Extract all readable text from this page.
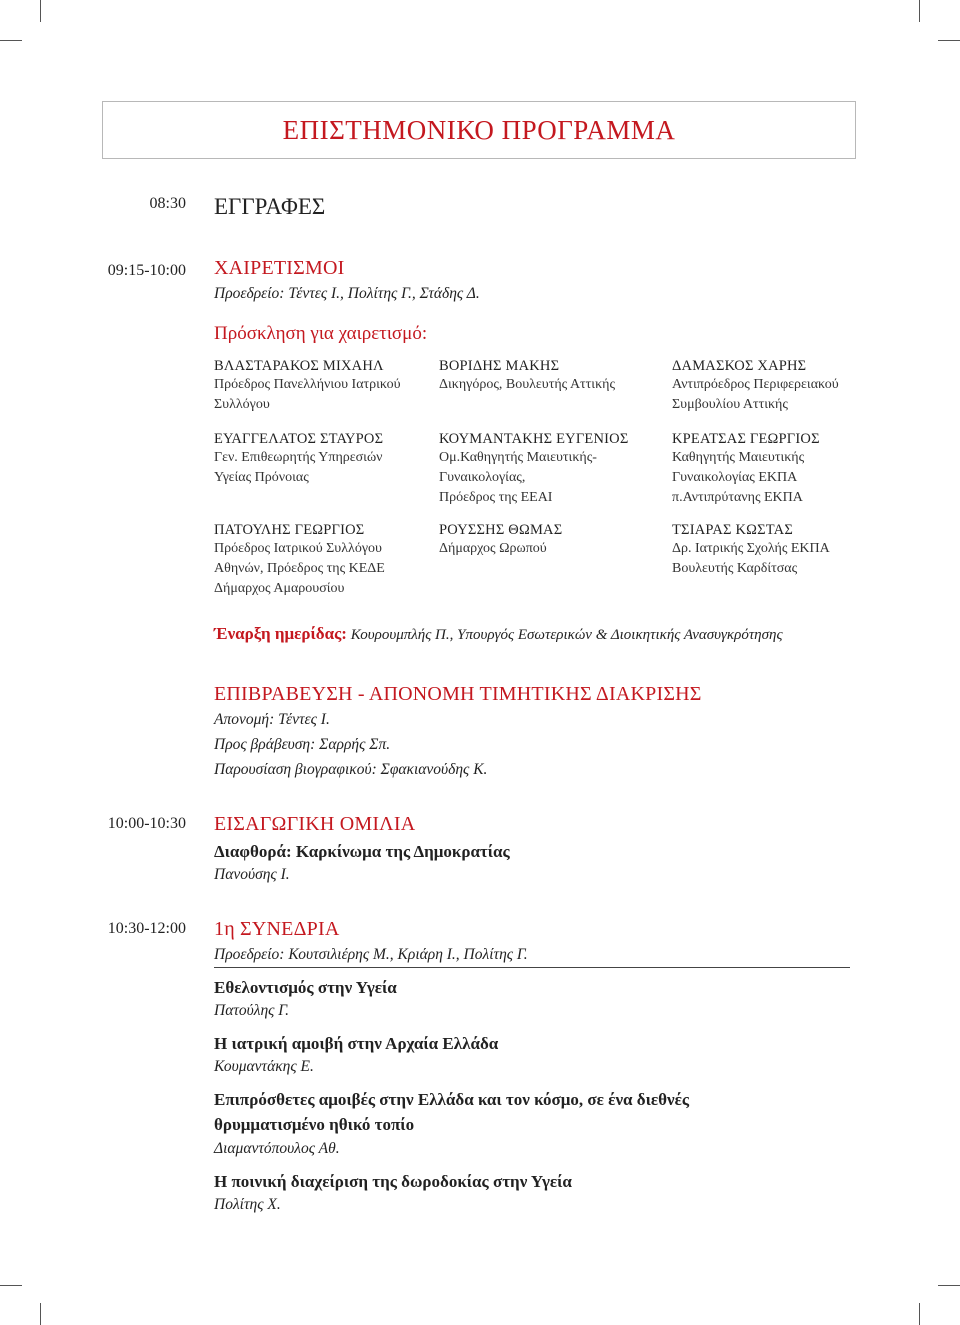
ΕΠΙΣΤΗΜΟΝΙΚΟ ΠΡΟΓΡΑΜΜΑ
08:30 ΕΓΓΡΑΦΕΣ
09:15-10:00 ΧΑΙΡΕΤΙΣΜΟΙ
Προεδρείο: Τέντες Ι., Πολίτης Γ., Στάδης Δ.
Πρόσκληση για χαιρετισμό:
ΒΛΑΣΤΑΡΑΚΟΣ ΜΙΧΑΗΛ
Πρόεδρος Πανελλήνιου Ιατρικού
Συλλόγου
ΒΟΡΙΔΗΣ ΜΑΚΗΣ
Δικηγόρος, Βουλευτής Αττικής
ΔΑΜΑΣΚΟΣ ΧΑΡΗΣ
Αντιπρόεδρος Περιφερειακού
Συμβουλίου Αττικής
ΕΥΑΓΓΕΛΑΤΟΣ ΣΤΑΥΡΟΣ
Γεν. Επιθεωρητής Υπηρεσιών
Υγείας Πρόνοιας
ΚΟΥΜΑΝΤΑΚΗΣ ΕΥΓΕΝΙΟΣ
Ομ.Καθηγητής Μαιευτικής-
Γυναικολογίας,
Πρόεδρος της ΕΕΑΙ
ΚΡΕΑΤΣΑΣ ΓΕΩΡΓΙΟΣ
Καθηγητής Μαιευτικής
Γυναικολογίας ΕΚΠΑ
π.Αντιπρύτανης ΕΚΠΑ
ΠΑΤΟΥΛΗΣ ΓΕΩΡΓΙΟΣ
Πρόεδρος Ιατρικού Συλλόγου
Αθηνών, Πρόεδρος της ΚΕΔΕ
Δήμαρχος Αμαρουσίου
ΡΟΥΣΣΗΣ ΘΩΜΑΣ
Δήμαρχος Ωρωπού
ΤΣΙΑΡΑΣ ΚΩΣΤΑΣ
Δρ. Ιατρικής Σχολής ΕΚΠΑ
Βουλευτής Καρδίτσας
Έναρξη ημερίδας: Κουρουμπλής Π., Υπουργός Εσωτερικών & Διοικητικής Ανασυγκρότησης
ΕΠΙΒΡΑΒΕΥΣΗ - ΑΠΟΝΟΜΗ ΤΙΜΗΤΙΚΗΣ ΔΙΑΚΡΙΣΗΣ
Απονομή: Τέντες Ι.
Προς βράβευση: Σαρρής Σπ.
Παρουσίαση βιογραφικού: Σφακιανούδης Κ.
10:00-10:30 ΕΙΣΑΓΩΓΙΚΗ ΟΜΙΛΙΑ
Διαφθορά: Καρκίνωμα της Δημοκρατίας
Πανούσης Ι.
10:30-12:00 1η ΣΥΝΕΔΡΙΑ
Προεδρείο: Κουτσιλιέρης Μ., Κριάρη Ι., Πολίτης Γ.
Εθελοντισμός στην Υγεία
Πατούλης Γ.
Η ιατρική αμοιβή στην Αρχαία Ελλάδα
Κουμαντάκης Ε.
Επιπρόσθετες αμοιβές στην Ελλάδα και τον κόσμο, σε ένα διεθνές
θρυμματισμένο ηθικό τοπίο
Διαμαντόπουλος Αθ.
Η ποινική διαχείριση της δωροδοκίας στην Υγεία
Πολίτης Χ.
